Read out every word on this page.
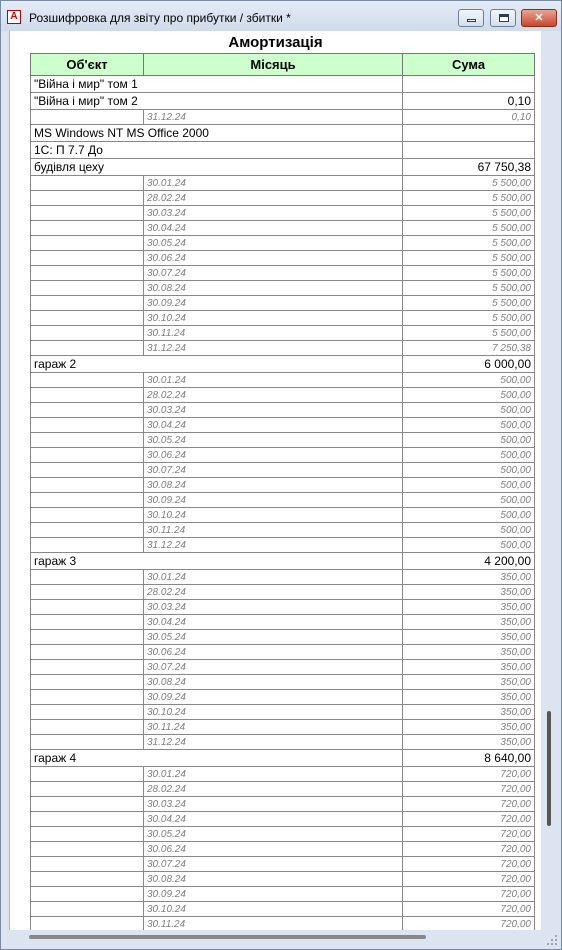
A Розшифровка для звіту про прибутки / збитки *	✕
Амортизація
Об'єкт	Місяць	Сума
"Війна і мир" том 1		
"Війна і мир" том 2		0,10
	31.12.24	0,10
MS Windows NT MS Office 2000		
1С: П 7.7 До		
будівля цеху		67 750,38
	30.01.24	5 500,00
	28.02.24	5 500,00
	30.03.24	5 500,00
	30.04.24	5 500,00
	30.05.24	5 500,00
	30.06.24	5 500,00
	30.07.24	5 500,00
	30.08.24	5 500,00
	30.09.24	5 500,00
	30.10.24	5 500,00
	30.11.24	5 500,00
	31.12.24	7 250,38
гараж 2		6 000,00
	30.01.24	500,00
	28.02.24	500,00
	30.03.24	500,00
	30.04.24	500,00
	30.05.24	500,00
	30.06.24	500,00
	30.07.24	500,00
	30.08.24	500,00
	30.09.24	500,00
	30.10.24	500,00
	30.11.24	500,00
	31.12.24	500,00
гараж 3		4 200,00
	30.01.24	350,00
	28.02.24	350,00
	30.03.24	350,00
	30.04.24	350,00
	30.05.24	350,00
	30.06.24	350,00
	30.07.24	350,00
	30.08.24	350,00
	30.09.24	350,00
	30.10.24	350,00
	30.11.24	350,00
	31.12.24	350,00
гараж 4		8 640,00
	30.01.24	720,00
	28.02.24	720,00
	30.03.24	720,00
	30.04.24	720,00
	30.05.24	720,00
	30.06.24	720,00
	30.07.24	720,00
	30.08.24	720,00
	30.09.24	720,00
	30.10.24	720,00
	30.11.24	720,00
